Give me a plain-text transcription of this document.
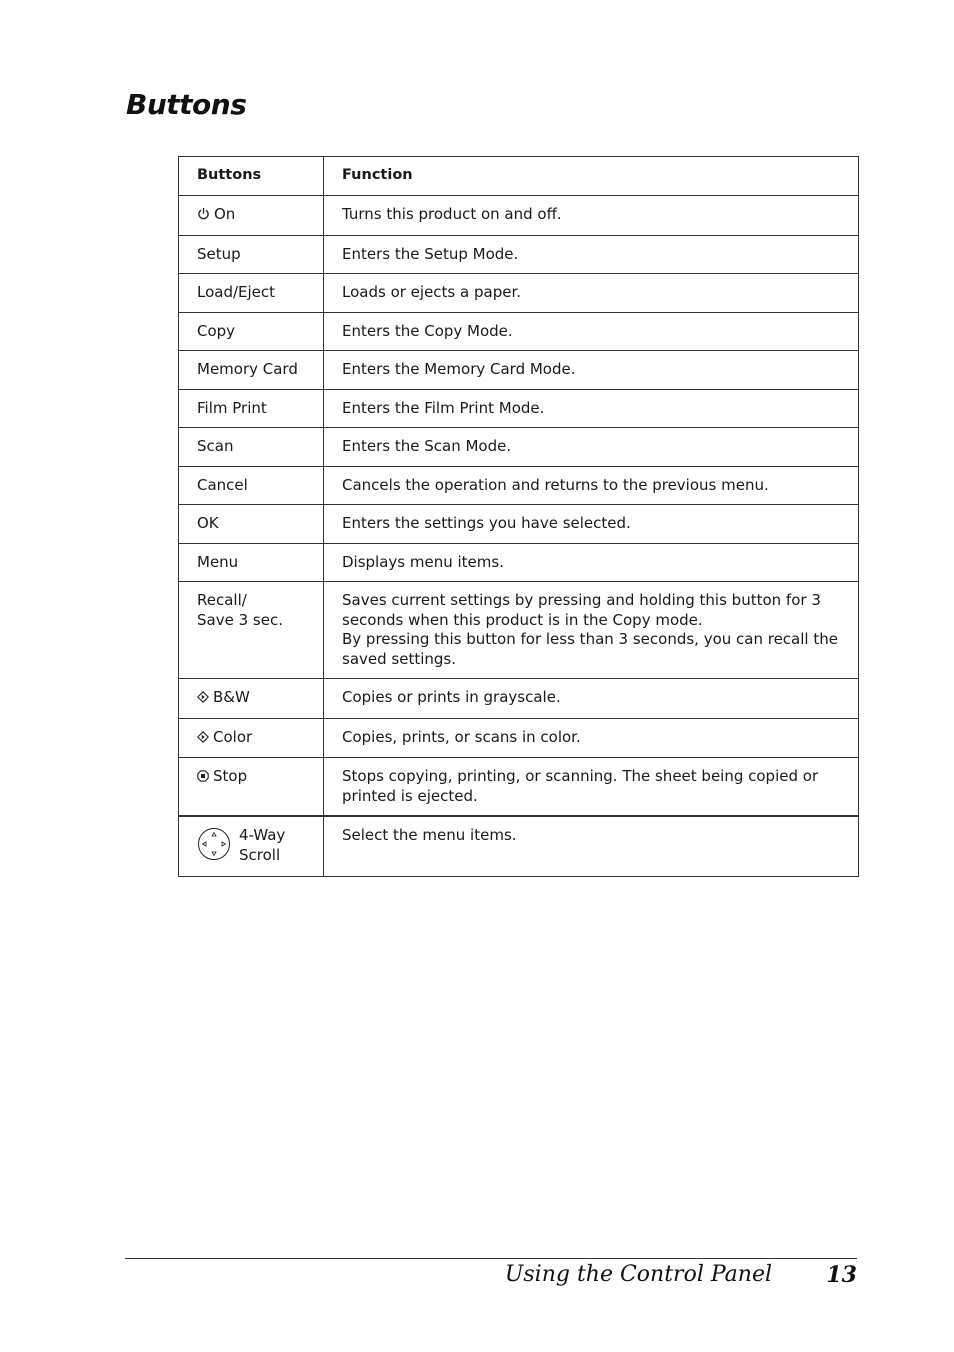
Buttons
Buttons	Function

On	Turns this product on and off.

Setup	Enters the Setup Mode.

Load/Eject	Loads or ejects a paper.

Copy	Enters the Copy Mode.

Memory Card	Enters the Memory Card Mode.

Film Print	Enters the Film Print Mode.

Scan	Enters the Scan Mode.

Cancel	Cancels the operation and returns to the previous menu.

OK	Enters the settings you have selected.

Menu	Displays menu items.

Recall/
Save 3 sec.	Saves current settings by pressing and holding this button for 3
seconds when this product is in the Copy mode.
By pressing this button for less than 3 seconds, you can recall the
saved settings.

B&W	Copies or prints in grayscale.

Color	Copies, prints, or scans in color.

Stop	Stops copying, printing, or scanning. The sheet being copied or
printed is ejected.

4-Way
Scroll	Select the menu items.
Using the Control Panel 13
